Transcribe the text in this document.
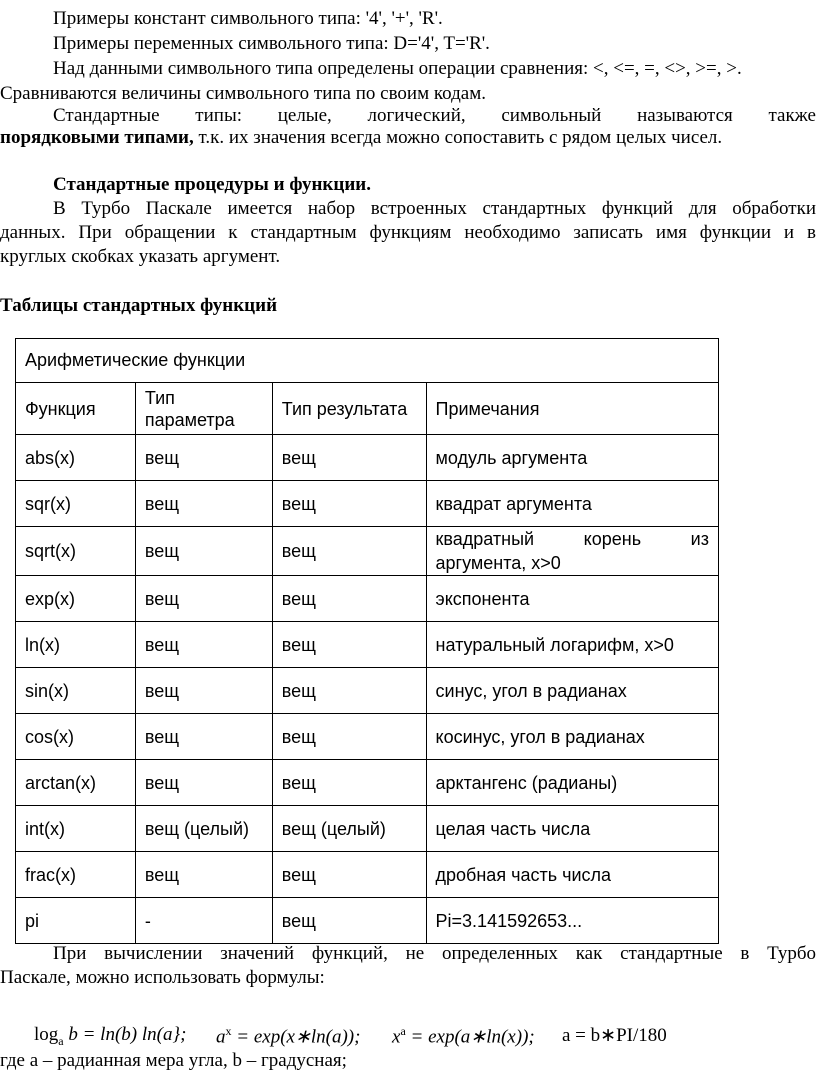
Примеры констант символьного типа: '4', '+', 'R'.

Примеры переменных символьного типа: D='4', T='R'.

Над данными символьного типа определены операции сравнения: <, <=, =, <>, >=, >.

Сравниваются величины символьного типа по своим кодам.

Стандартные типы: целые, логический, символьный называются также

порядковыми типами, т.к. их значения всегда можно сопоставить с рядом целых чисел.

Стандартные процедуры и функции.

В Турбо Паскале имеется набор встроенных стандартных функций для обработки

данных. При обращении к стандартным функциям необходимо записать имя функции и в

круглых скобках указать аргумент.

Таблицы стандартных функций

Арифметические функции			
Функция	Тип параметра	Тип результата	Примечания
abs(x)	вещ	вещ	модуль аргумента
sqr(x)	вещ	вещ	квадрат аргумента
sqrt(x)	вещ	вещ	квадратный корень из аргумента, x>0
exp(x)	вещ	вещ	экспонента
ln(x)	вещ	вещ	натуральный логарифм, x>0
sin(x)	вещ	вещ	синус, угол в радианах
cos(x)	вещ	вещ	косинус, угол в радианах
arctan(x)	вещ	вещ	арктангенс (радианы)
int(x)	вещ (целый)	вещ (целый)	целая часть числа
frac(x)	вещ	вещ	дробная часть числа
pi	-	вещ	Pi=3.141592653...

При вычислении значений функций, не определенных как стандартные в Турбо

Паскале, можно использовать формулы:

$\log_a b = \ln(b)$ ln(a}; $a^x$ = exp(x∗ln(a)); $x^a$ = exp(a∗ln(x)); a = b∗PI/180

где a – радианная мера угла, b – градусная;
